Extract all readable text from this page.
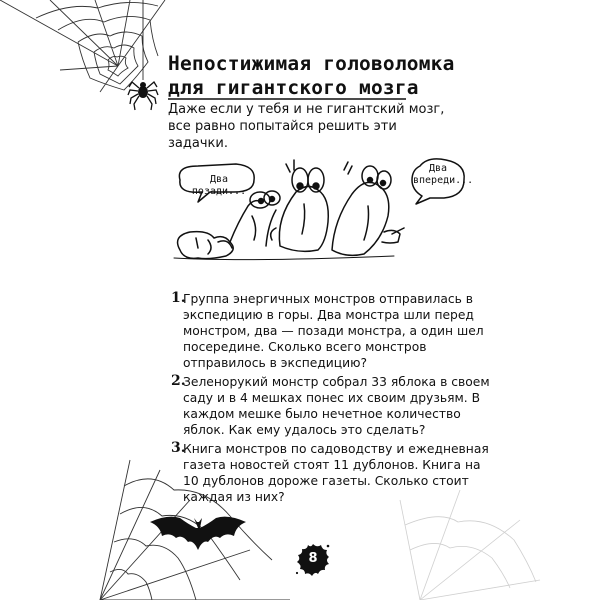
Непостижимая головоломка
для гигантского мозга
Даже если у тебя и не гигантский мозг, все равно попытайся решить эти задачки.
Два позади...
Два
впереди...
1.
Группа энергичных монстров отправилась в экспедицию в горы. Два монстра шли перед монстром, два — позади монстра, а один шел посередине. Сколько всего монстров отправилось в экспедицию?
2.
Зеленорукий монстр собрал 33 яблока в своем саду и в 4 мешках понес их своим друзьям. В каждом мешке было нечетное количество яблок. Как ему удалось это сделать?
3.
Книга монстров по садоводству и ежедневная газета новостей стоят 11 дублонов. Книга на 10 дублонов дороже газеты. Сколько стоит каждая из них?
8
